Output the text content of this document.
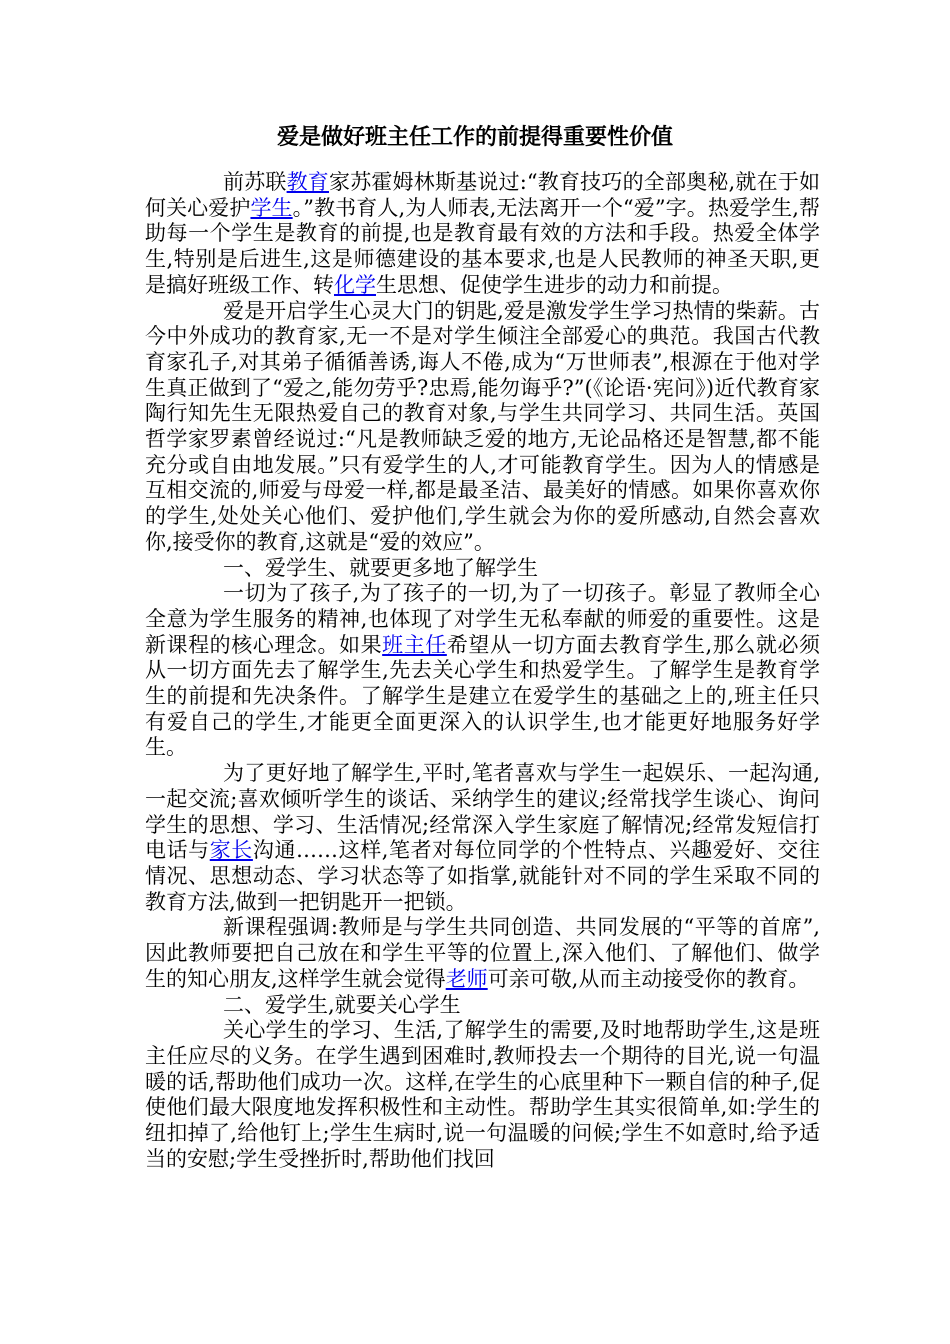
爱是做好班主任工作的前提得重要性价值

前苏联教育家苏霍姆林斯基说过:“教育技巧的全部奥秘,就在于如何关心爱护学生。”教书育人,为人师表,无法离开一个“爱”字。热爱学生,帮助每一个学生是教育的前提,也是教育最有效的方法和手段。热爱全体学生,特别是后进生,这是师德建设的基本要求,也是人民教师的神圣天职,更是搞好班级工作、转化学生思想、促使学生进步的动力和前提。

爱是开启学生心灵大门的钥匙,爱是激发学生学习热情的柴薪。古今中外成功的教育家,无一不是对学生倾注全部爱心的典范。我国古代教育家孔子,对其弟子循循善诱,诲人不倦,成为“万世师表”,根源在于他对学生真正做到了“爱之,能勿劳乎?忠焉,能勿诲乎?”(《论语·宪问》)近代教育家陶行知先生无限热爱自己的教育对象,与学生共同学习、共同生活。英国哲学家罗素曾经说过:“凡是教师缺乏爱的地方,无论品格还是智慧,都不能充分或自由地发展。”只有爱学生的人,才可能教育学生。因为人的情感是互相交流的,师爱与母爱一样,都是最圣洁、最美好的情感。如果你喜欢你的学生,处处关心他们、爱护他们,学生就会为你的爱所感动,自然会喜欢你,接受你的教育,这就是“爱的效应”。

一、爱学生、就要更多地了解学生

一切为了孩子,为了孩子的一切,为了一切孩子。彰显了教师全心全意为学生服务的精神,也体现了对学生无私奉献的师爱的重要性。这是新课程的核心理念。如果班主任希望从一切方面去教育学生,那么就必须从一切方面先去了解学生,先去关心学生和热爱学生。了解学生是教育学生的前提和先决条件。了解学生是建立在爱学生的基础之上的,班主任只有爱自己的学生,才能更全面更深入的认识学生,也才能更好地服务好学生。

为了更好地了解学生,平时,笔者喜欢与学生一起娱乐、一起沟通,一起交流;喜欢倾听学生的谈话、采纳学生的建议;经常找学生谈心、询问学生的思想、学习、生活情况;经常深入学生家庭了解情况;经常发短信打电话与家长沟通……这样,笔者对每位同学的个性特点、兴趣爱好、交往情况、思想动态、学习状态等了如指掌,就能针对不同的学生采取不同的教育方法,做到一把钥匙开一把锁。

新课程强调:教师是与学生共同创造、共同发展的“平等的首席”,因此教师要把自己放在和学生平等的位置上,深入他们、了解他们、做学生的知心朋友,这样学生就会觉得老师可亲可敬,从而主动接受你的教育。

二、爱学生,就要关心学生

关心学生的学习、生活,了解学生的需要,及时地帮助学生,这是班主任应尽的义务。在学生遇到困难时,教师投去一个期待的目光,说一句温暖的话,帮助他们成功一次。这样,在学生的心底里种下一颗自信的种子,促使他们最大限度地发挥积极性和主动性。帮助学生其实很简单,如:学生的纽扣掉了,给他钉上;学生生病时,说一句温暖的问候;学生不如意时,给予适当的安慰;学生受挫折时,帮助他们找回
